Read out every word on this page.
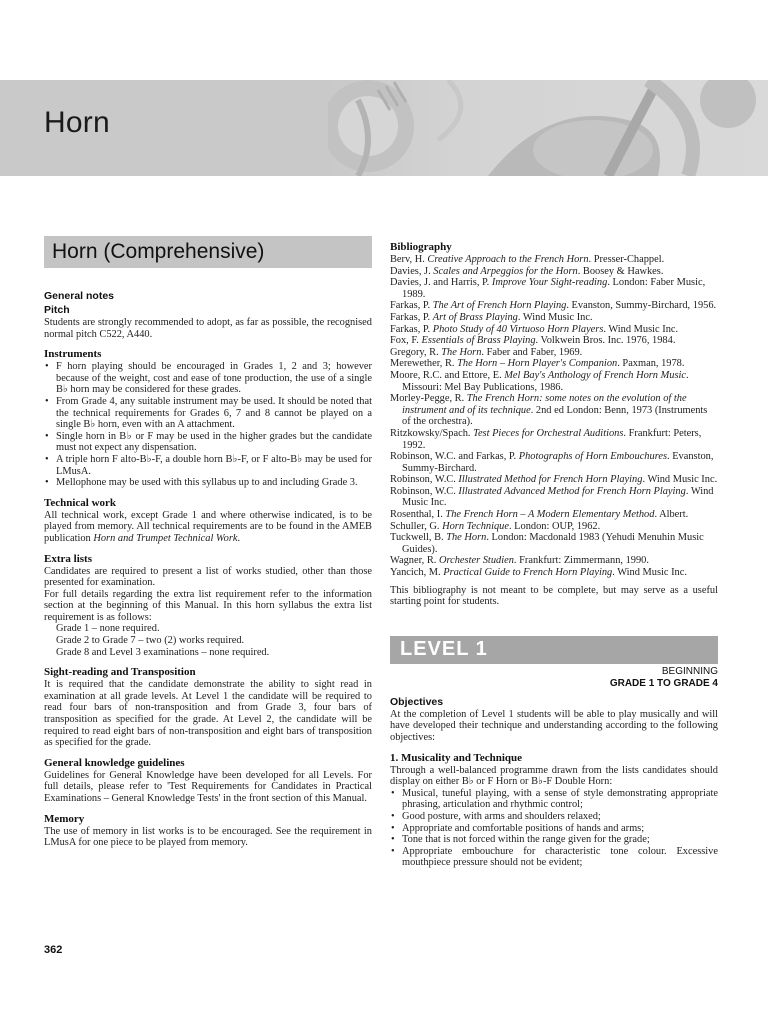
Horn
Horn (Comprehensive)
General notes
Pitch

Students are strongly recommended to adopt, as far as possible, the recognised normal pitch C522, A440.

Instruments
• F horn playing should be encouraged in Grades 1, 2 and 3; however because of the weight, cost and ease of tone production, the use of a single B♭ horn may be considered for these grades.
• From Grade 4, any suitable instrument may be used. It should be noted that the technical requirements for Grades 6, 7 and 8 cannot be played on a single B♭ horn, even with an A attachment.
• Single horn in B♭ or F may be used in the higher grades but the candidate must not expect any dispensation.
• A triple horn F alto-B♭-F, a double horn B♭-F, or F alto-B♭ may be used for LMusA.
• Mellophone may be used with this syllabus up to and including Grade 3.
Technical work

All technical work, except Grade 1 and where otherwise indicated, is to be played from memory. All technical requirements are to be found in the AMEB publication Horn and Trumpet Technical Work.

Extra lists

Candidates are required to present a list of works studied, other than those presented for examination.

For full details regarding the extra list requirement refer to the information section at the beginning of this Manual. In this horn syllabus the extra list requirement is as follows:

Grade 1 – none required.
Grade 2 to Grade 7 – two (2) works required.
Grade 8 and Level 3 examinations – none required.
Sight-reading and Transposition

It is required that the candidate demonstrate the ability to sight read in examination at all grade levels. At Level 1 the candidate will be required to read four bars of non-transposition and from Grade 3, four bars of transposition as specified for the grade. At Level 2, the candidate will be required to read eight bars of non-transposition and eight bars of transposition as specified for the grade.

General knowledge guidelines

Guidelines for General Knowledge have been developed for all Levels. For full details, please refer to 'Test Requirements for Candidates in Practical Examinations – General Knowledge Tests' in the front section of this Manual.

Memory

The use of memory in list works is to be encouraged. See the requirement in LMusA for one piece to be played from memory.

Bibliography
Berv, H. Creative Approach to the French Horn. Presser-Chappel.
Davies, J. Scales and Arpeggios for the Horn. Boosey & Hawkes.
Davies, J. and Harris, P. Improve Your Sight-reading. London: Faber Music, 1989.
Farkas, P. The Art of French Horn Playing. Evanston, Summy-Birchard, 1956.
Farkas, P. Art of Brass Playing. Wind Music Inc.
Farkas, P. Photo Study of 40 Virtuoso Horn Players. Wind Music Inc.
Fox, F. Essentials of Brass Playing. Volkwein Bros. Inc. 1976, 1984.
Gregory, R. The Horn. Faber and Faber, 1969.
Merewether, R. The Horn – Horn Player's Companion. Paxman, 1978.
Moore, R.C. and Ettore, E. Mel Bay's Anthology of French Horn Music. Missouri: Mel Bay Publications, 1986.
Morley-Pegge, R. The French Horn: some notes on the evolution of the instrument and of its technique. 2nd ed London: Benn, 1973 (Instruments of the orchestra).
Ritzkowsky/Spach. Test Pieces for Orchestral Auditions. Frankfurt: Peters, 1992.
Robinson, W.C. and Farkas, P. Photographs of Horn Embouchures. Evanston, Summy-Birchard.
Robinson, W.C. Illustrated Method for French Horn Playing. Wind Music Inc.
Robinson, W.C. Illustrated Advanced Method for French Horn Playing. Wind Music Inc.
Rosenthal, I. The French Horn – A Modern Elementary Method. Albert.
Schuller, G. Horn Technique. London: OUP, 1962.
Tuckwell, B. The Horn. London: Macdonald 1983 (Yehudi Menuhin Music Guides).
Wagner, R. Orchester Studien. Frankfurt: Zimmermann, 1990.
Yancich, M. Practical Guide to French Horn Playing. Wind Music Inc.

This bibliography is not meant to be complete, but may serve as a useful starting point for students.

LEVEL 1
BEGINNING
GRADE 1 TO GRADE 4
Objectives

At the completion of Level 1 students will be able to play musically and will have developed their technique and understanding according to the following objectives:

1. Musicality and Technique

Through a well-balanced programme drawn from the lists candidates should display on either B♭ or F Horn or B♭-F Double Horn:

• Musical, tuneful playing, with a sense of style demonstrating appropriate phrasing, articulation and rhythmic control;
• Good posture, with arms and shoulders relaxed;
• Appropriate and comfortable positions of hands and arms;
• Tone that is not forced within the range given for the grade;
• Appropriate embouchure for characteristic tone colour. Excessive mouthpiece pressure should not be evident;
362
